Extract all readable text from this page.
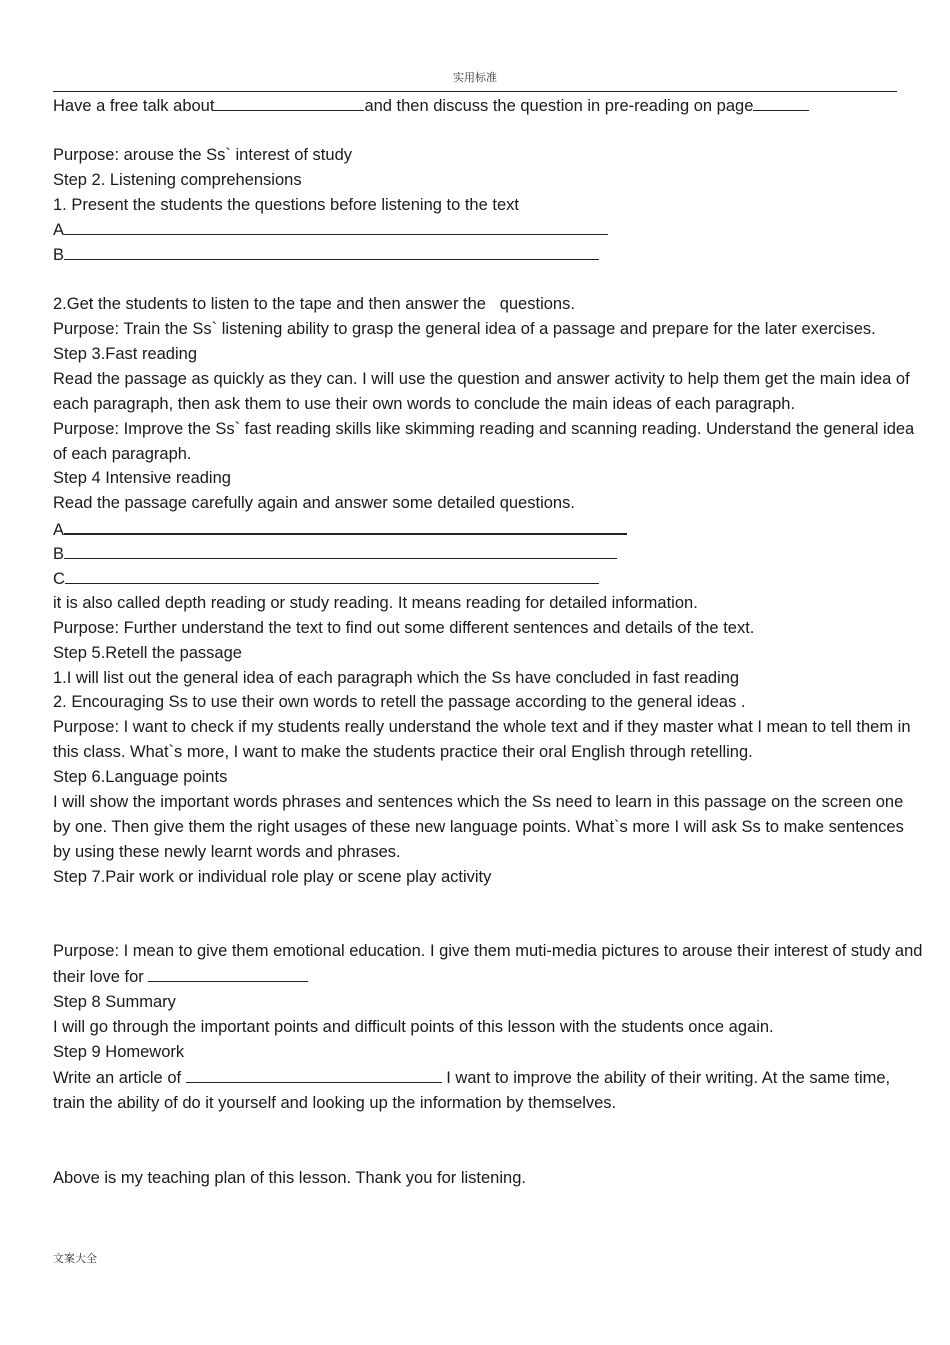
实用标准
Have a free talk about	and then discuss the question in pre-reading on page
Purpose: arouse the Ss` interest of study
Step 2. Listening comprehensions
1. Present the students the questions before listening to the text
A
B
2.Get the students to listen to the tape and then answer the   questions.
Purpose: Train the Ss` listening ability to grasp the general idea of a passage and prepare for the later exercises.
Step 3.Fast reading
Read the passage as quickly as they can. I will use the question and answer activity to help them get the main idea of each paragraph, then ask them to use their own words to conclude the main ideas of each paragraph.
Purpose: Improve the Ss` fast reading skills like skimming reading and scanning reading. Understand the general idea of each paragraph.
Step 4 Intensive reading
Read the passage carefully again and answer some detailed questions.
A
B
C
it is also called depth reading or study reading. It means reading for detailed information.
Purpose: Further understand the text to find out some different sentences and details of the text.
Step 5.Retell the passage
1.I will list out the general idea of each paragraph which the Ss have concluded in fast reading
2. Encouraging Ss to use their own words to retell the passage according to the general ideas .
Purpose: I want to check if my students really understand the whole text and if they master what I mean to tell them in this class. What`s more, I want to make the students practice their oral English through retelling.
Step 6.Language points
I will show the important words phrases and sentences which the Ss need to learn in this passage on the screen one by one. Then give them the right usages of these new language points. What`s more I will ask Ss to make sentences by using these newly learnt words and phrases.
Step 7.Pair work or individual role play or scene play activity
Purpose: I mean to give them emotional education. I give them muti-media pictures to arouse their interest of study and their love for
Step 8 Summary
I will go through the important points and difficult points of this lesson with the students once again.
Step 9 Homework
Write an article of	I want to improve the ability of their writing. At the same time, train the ability of do it yourself and looking up the information by themselves.
Above is my teaching plan of this lesson. Thank you for listening.
文案大全
